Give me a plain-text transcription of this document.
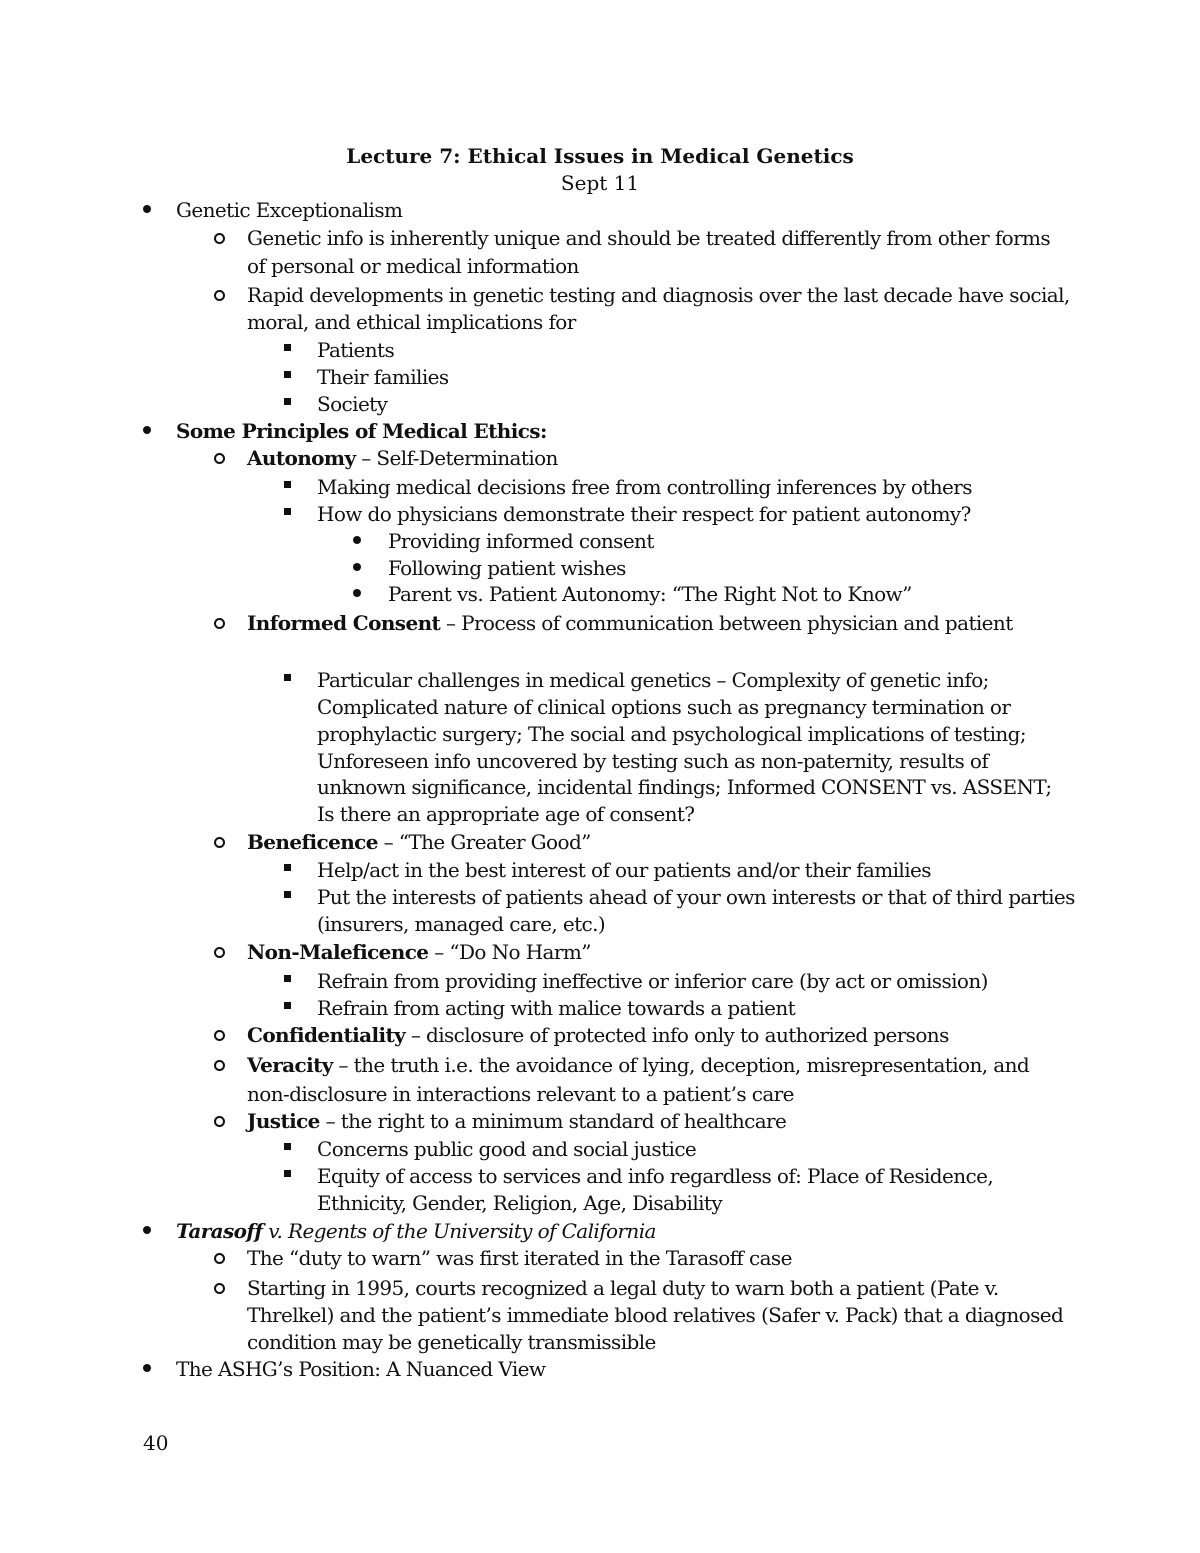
Lecture 7: Ethical Issues in Medical Genetics
Sept 11
Genetic Exceptionalism
Genetic info is inherently unique and should be treated differently from other forms
of personal or medical information
Rapid developments in genetic testing and diagnosis over the last decade have social,
moral, and ethical implications for
Patients
Their families
Society
Some Principles of Medical Ethics:
Autonomy – Self-Determination
Making medical decisions free from controlling inferences by others
How do physicians demonstrate their respect for patient autonomy?
Providing informed consent
Following patient wishes
Parent vs. Patient Autonomy: “The Right Not to Know”
Informed Consent – Process of communication between physician and patient
Particular challenges in medical genetics – Complexity of genetic info;
Complicated nature of clinical options such as pregnancy termination or
prophylactic surgery; The social and psychological implications of testing;
Unforeseen info uncovered by testing such as non-paternity, results of
unknown significance, incidental findings; Informed CONSENT vs. ASSENT;
Is there an appropriate age of consent?
Beneficence – “The Greater Good”
Help/act in the best interest of our patients and/or their families
Put the interests of patients ahead of your own interests or that of third parties
(insurers, managed care, etc.)
Non-Maleficence – “Do No Harm”
Refrain from providing ineffective or inferior care (by act or omission)
Refrain from acting with malice towards a patient
Confidentiality – disclosure of protected info only to authorized persons
Veracity – the truth i.e. the avoidance of lying, deception, misrepresentation, and
non-disclosure in interactions relevant to a patient’s care
Justice – the right to a minimum standard of healthcare
Concerns public good and social justice
Equity of access to services and info regardless of: Place of Residence,
Ethnicity, Gender, Religion, Age, Disability
Tarasoff v. Regents of the University of California
The “duty to warn” was first iterated in the Tarasoff case
Starting in 1995, courts recognized a legal duty to warn both a patient (Pate v.
Threlkel) and the patient’s immediate blood relatives (Safer v. Pack) that a diagnosed
condition may be genetically transmissible
The ASHG’s Position: A Nuanced View
40
